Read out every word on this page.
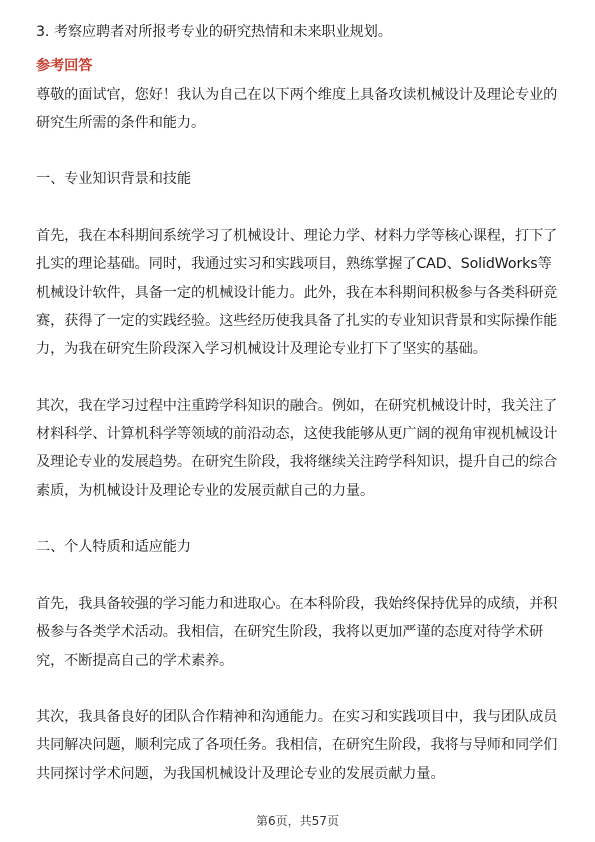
3. 考察应聘者对所报考专业的研究热情和未来职业规划。

参考回答

尊敬的面试官，您好！我认为自己在以下两个维度上具备攻读机械设计及理论专业的研究生所需的条件和能力。

一、专业知识背景和技能

首先，我在本科期间系统学习了机械设计、理论力学、材料力学等核心课程，打下了扎实的理论基础。同时，我通过实习和实践项目，熟练掌握了CAD、SolidWorks等机械设计软件，具备一定的机械设计能力。此外，我在本科期间积极参与各类科研竞赛，获得了一定的实践经验。这些经历使我具备了扎实的专业知识背景和实际操作能力，为我在研究生阶段深入学习机械设计及理论专业打下了坚实的基础。

其次，我在学习过程中注重跨学科知识的融合。例如，在研究机械设计时，我关注了材料科学、计算机科学等领域的前沿动态，这使我能够从更广阔的视角审视机械设计及理论专业的发展趋势。在研究生阶段，我将继续关注跨学科知识，提升自己的综合素质，为机械设计及理论专业的发展贡献自己的力量。

二、个人特质和适应能力

首先，我具备较强的学习能力和进取心。在本科阶段，我始终保持优异的成绩，并积极参与各类学术活动。我相信，在研究生阶段，我将以更加严谨的态度对待学术研究，不断提高自己的学术素养。

其次，我具备良好的团队合作精神和沟通能力。在实习和实践项目中，我与团队成员共同解决问题，顺利完成了各项任务。我相信，在研究生阶段，我将与导师和同学们共同探讨学术问题，为我国机械设计及理论专业的发展贡献力量。

第6页，共57页
